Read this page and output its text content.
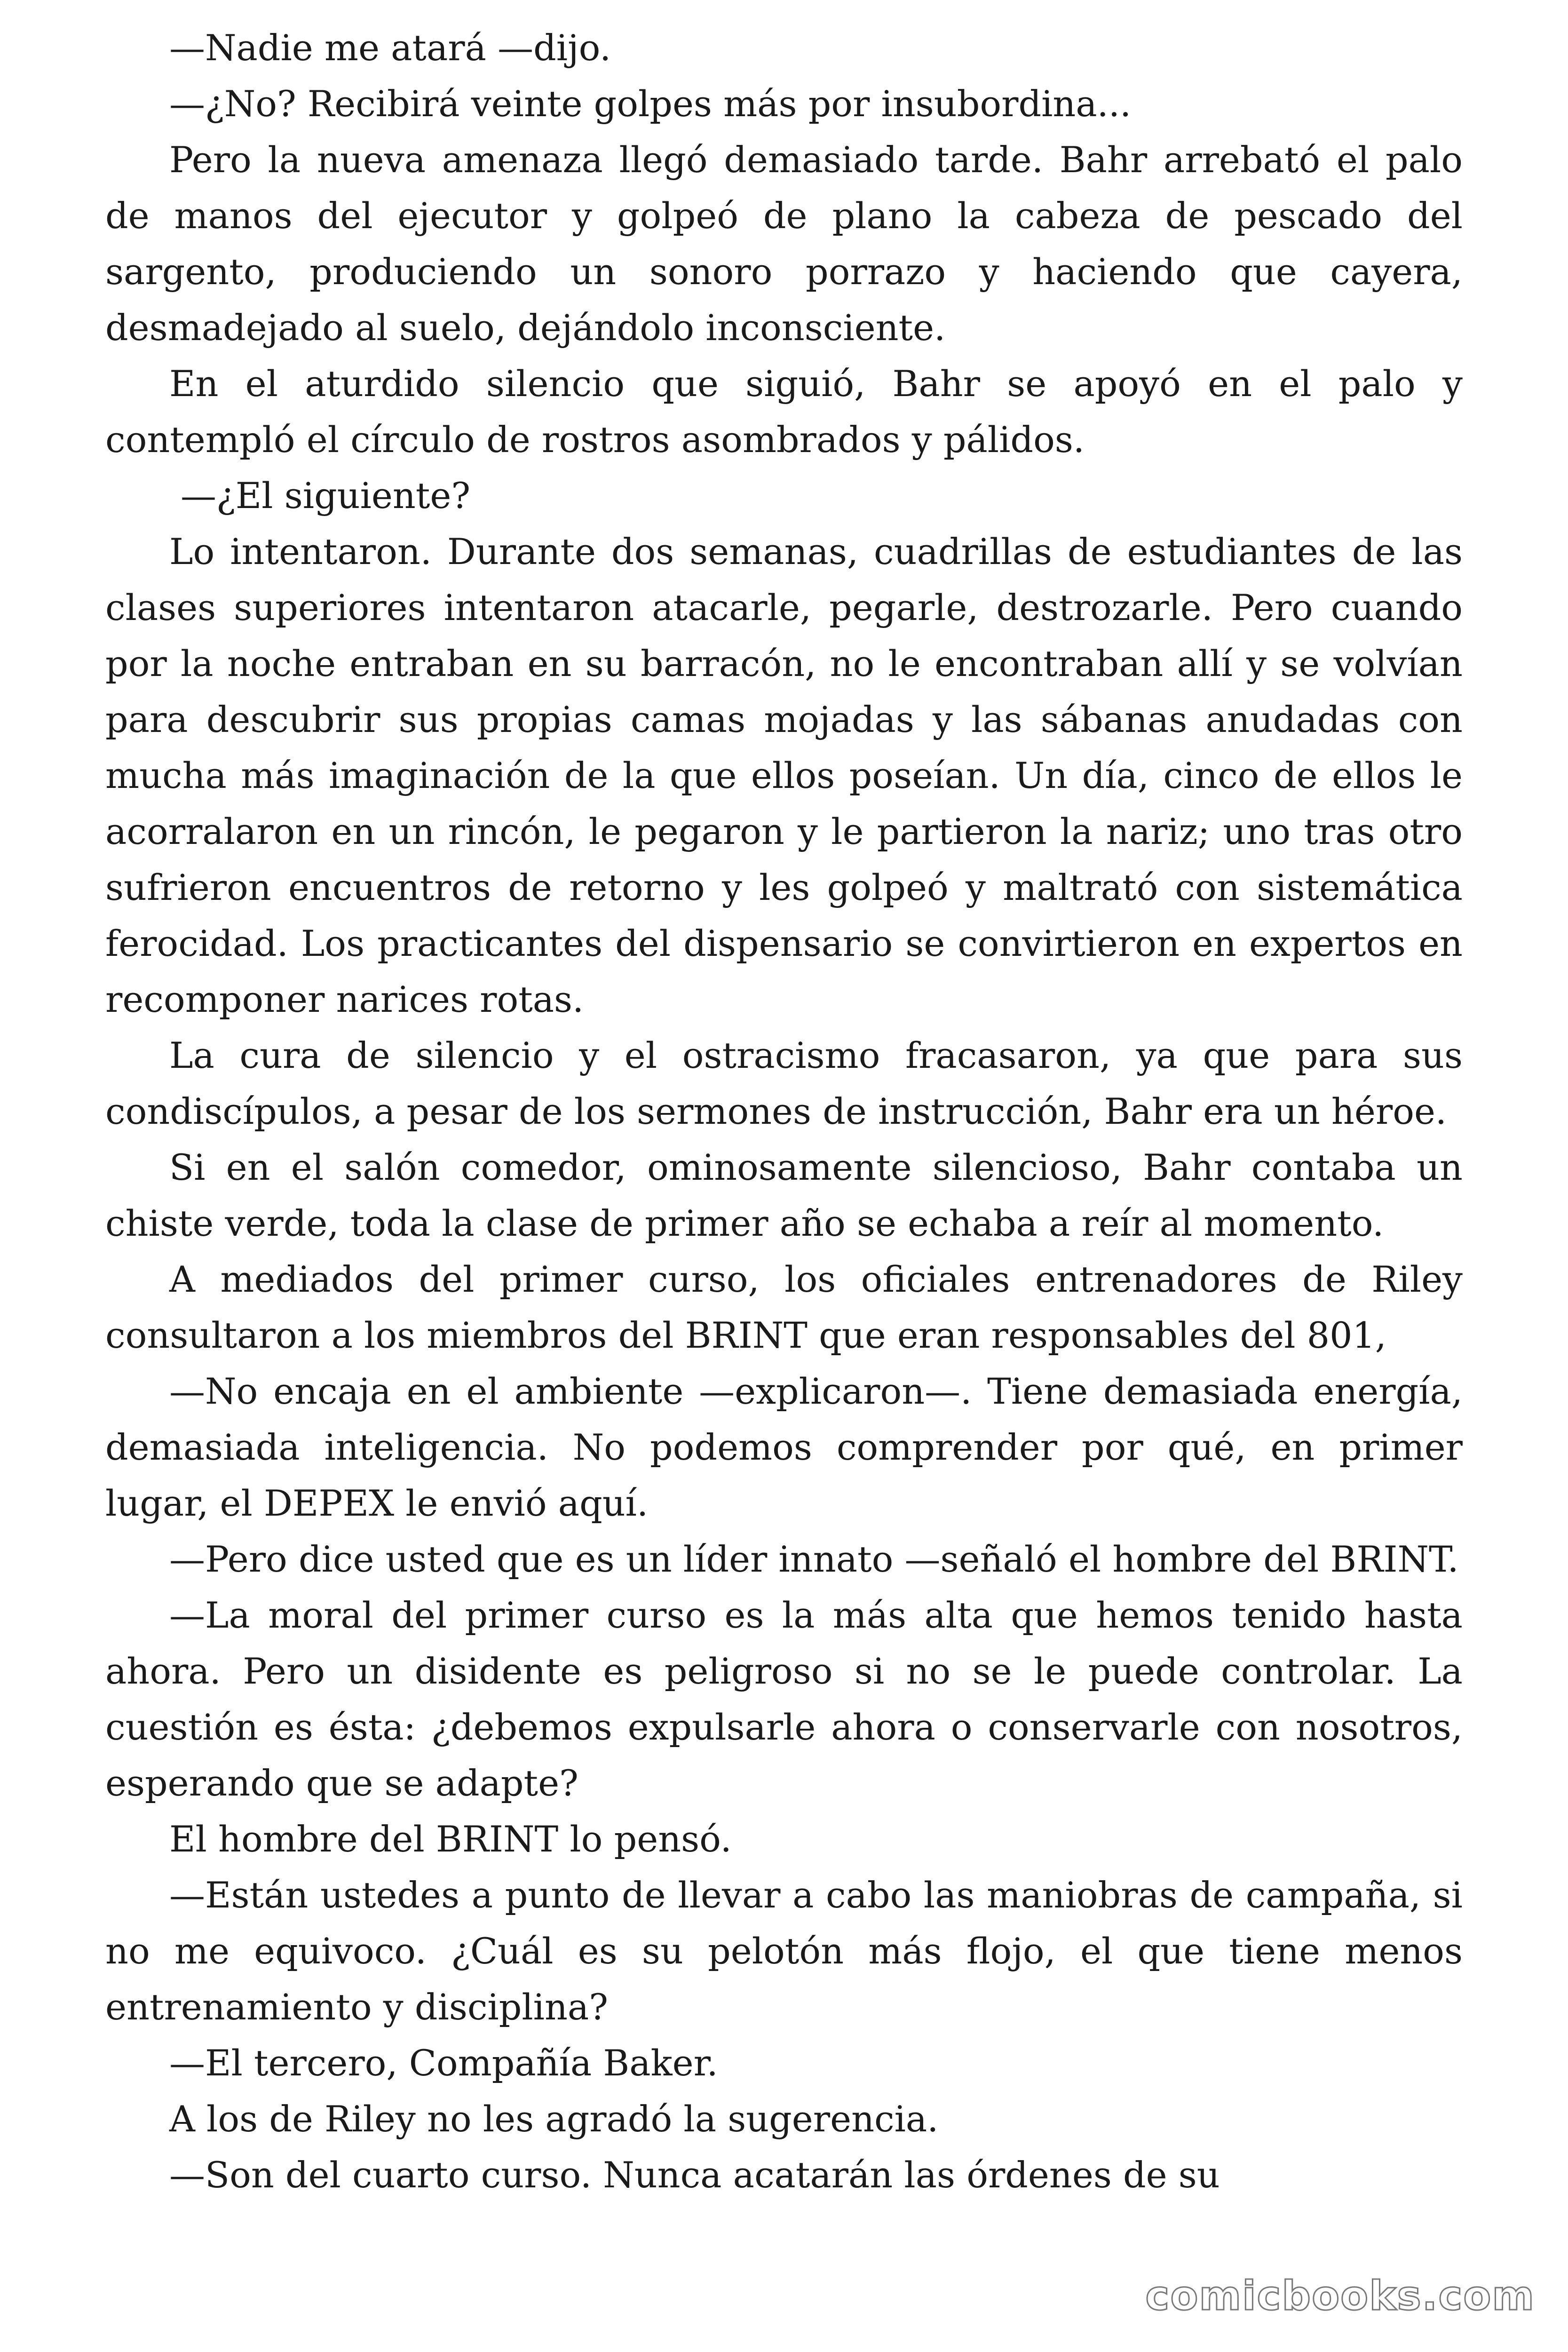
—Nadie me atará —dijo.

—¿No? Recibirá veinte golpes más por insubordina...

Pero la nueva amenaza llegó demasiado tarde. Bahr arrebató el palo de manos del ejecutor y golpeó de plano la cabeza de pescado del sargento, produciendo un sonoro porrazo y haciendo que cayera, desmadejado al suelo, dejándolo inconsciente.

En el aturdido silencio que siguió, Bahr se apoyó en el palo y contempló el círculo de rostros asombrados y pálidos.

—¿El siguiente?

Lo intentaron. Durante dos semanas, cuadrillas de estudiantes de las clases superiores intentaron atacarle, pegarle, destrozarle. Pero cuando por la noche entraban en su barracón, no le encontraban allí y se volvían para descubrir sus propias camas mojadas y las sábanas anudadas con mucha más imaginación de la que ellos poseían. Un día, cinco de ellos le acorralaron en un rincón, le pegaron y le partieron la nariz; uno tras otro sufrieron encuentros de retorno y les golpeó y maltrató con sistemática ferocidad. Los practicantes del dispensario se convirtieron en expertos en recomponer narices rotas.

La cura de silencio y el ostracismo fracasaron, ya que para sus condiscípulos, a pesar de los sermones de instrucción, Bahr era un héroe.

Si en el salón comedor, ominosamente silencioso, Bahr contaba un chiste verde, toda la clase de primer año se echaba a reír al momento.

A mediados del primer curso, los oficiales entrenadores de Riley consultaron a los miembros del BRINT que eran responsables del 801,

—No encaja en el ambiente —explicaron—. Tiene demasiada energía, demasiada inteligencia. No podemos comprender por qué, en primer lugar, el DEPEX le envió aquí.

—Pero dice usted que es un líder innato —señaló el hombre del BRINT.

—La moral del primer curso es la más alta que hemos tenido hasta ahora. Pero un disidente es peligroso si no se le puede controlar. La cuestión es ésta: ¿debemos expulsarle ahora o conservarle con nosotros, esperando que se adapte?

El hombre del BRINT lo pensó.

—Están ustedes a punto de llevar a cabo las maniobras de campaña, si no me equivoco. ¿Cuál es su pelotón más flojo, el que tiene menos entrenamiento y disciplina?

—El tercero, Compañía Baker.

A los de Riley no les agradó la sugerencia.

—Son del cuarto curso. Nunca acatarán las órdenes de su

comicbooks.com
